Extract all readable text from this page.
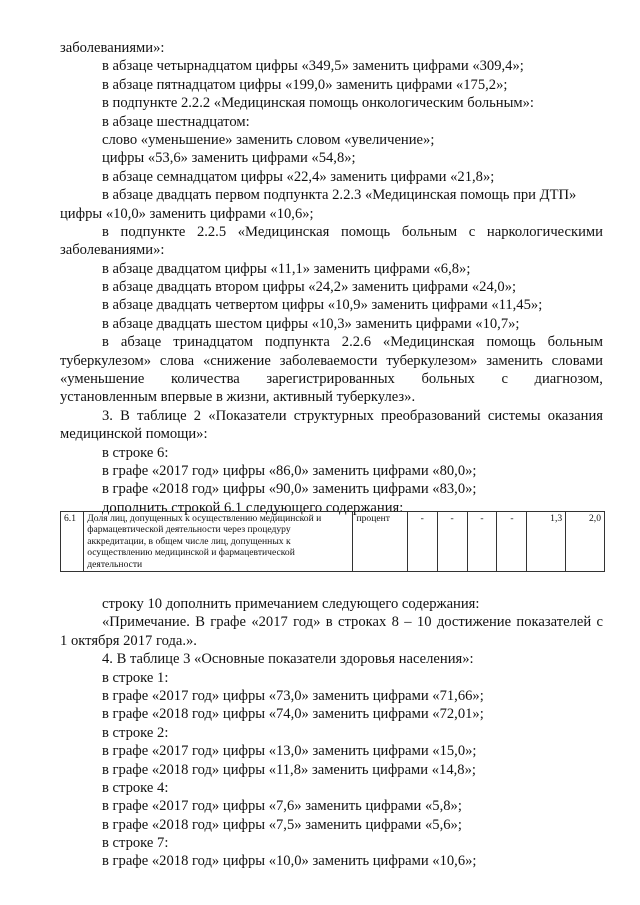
заболеваниями»:
в абзаце четырнадцатом цифры «349,5» заменить цифрами «309,4»;
в абзаце пятнадцатом цифры «199,0» заменить цифрами «175,2»;
в подпункте 2.2.2 «Медицинская помощь онкологическим больным»:
в абзаце шестнадцатом:
слово «уменьшение» заменить словом «увеличение»;
цифры «53,6» заменить цифрами «54,8»;
в абзаце семнадцатом цифры «22,4» заменить цифрами «21,8»;
в абзаце двадцать первом подпункта 2.2.3 «Медицинская помощь при ДТП»
цифры «10,0» заменить цифрами «10,6»;
в подпункте 2.2.5 «Медицинская помощь больным с наркологическими
заболеваниями»:
в абзаце двадцатом цифры «11,1» заменить цифрами «6,8»;
в абзаце двадцать втором цифры «24,2» заменить цифрами «24,0»;
в абзаце двадцать четвертом цифры «10,9» заменить цифрами «11,45»;
в абзаце двадцать шестом цифры «10,3» заменить цифрами «10,7»;
в абзаце тринадцатом подпункта 2.2.6 «Медицинская помощь больным
туберкулезом» слова «снижение заболеваемости туберкулезом» заменить словами
«уменьшение количества зарегистрированных больных с диагнозом,
установленным впервые в жизни, активный туберкулез».
3. В таблице 2 «Показатели структурных преобразований системы оказания
медицинской помощи»:
в строке 6:
в графе «2017 год» цифры «86,0» заменить цифрами «80,0»;
в графе «2018 год» цифры «90,0» заменить цифрами «83,0»;
дополнить строкой 6.1 следующего содержания:
6.1	Доля лиц, допущенных к осуществлению медицинской и фармацевтической деятельности через процедуру аккредитации, в общем числе лиц, допущенных к осуществлению медицинской и фармацевтической деятельности	процент	-	-	-	-	1,3	2,0
строку 10 дополнить примечанием следующего содержания:
«Примечание. В графе «2017 год» в строках 8 – 10 достижение показателей с
1 октября 2017 года.».
4. В таблице 3 «Основные показатели здоровья населения»:
в строке 1:
в графе «2017 год» цифры «73,0» заменить цифрами «71,66»;
в графе «2018 год» цифры «74,0» заменить цифрами «72,01»;
в строке 2:
в графе «2017 год» цифры «13,0» заменить цифрами «15,0»;
в графе «2018 год» цифры «11,8» заменить цифрами «14,8»;
в строке 4:
в графе «2017 год» цифры «7,6» заменить цифрами «5,8»;
в графе «2018 год» цифры «7,5» заменить цифрами «5,6»;
в строке 7:
в графе «2018 год» цифры «10,0» заменить цифрами «10,6»;
